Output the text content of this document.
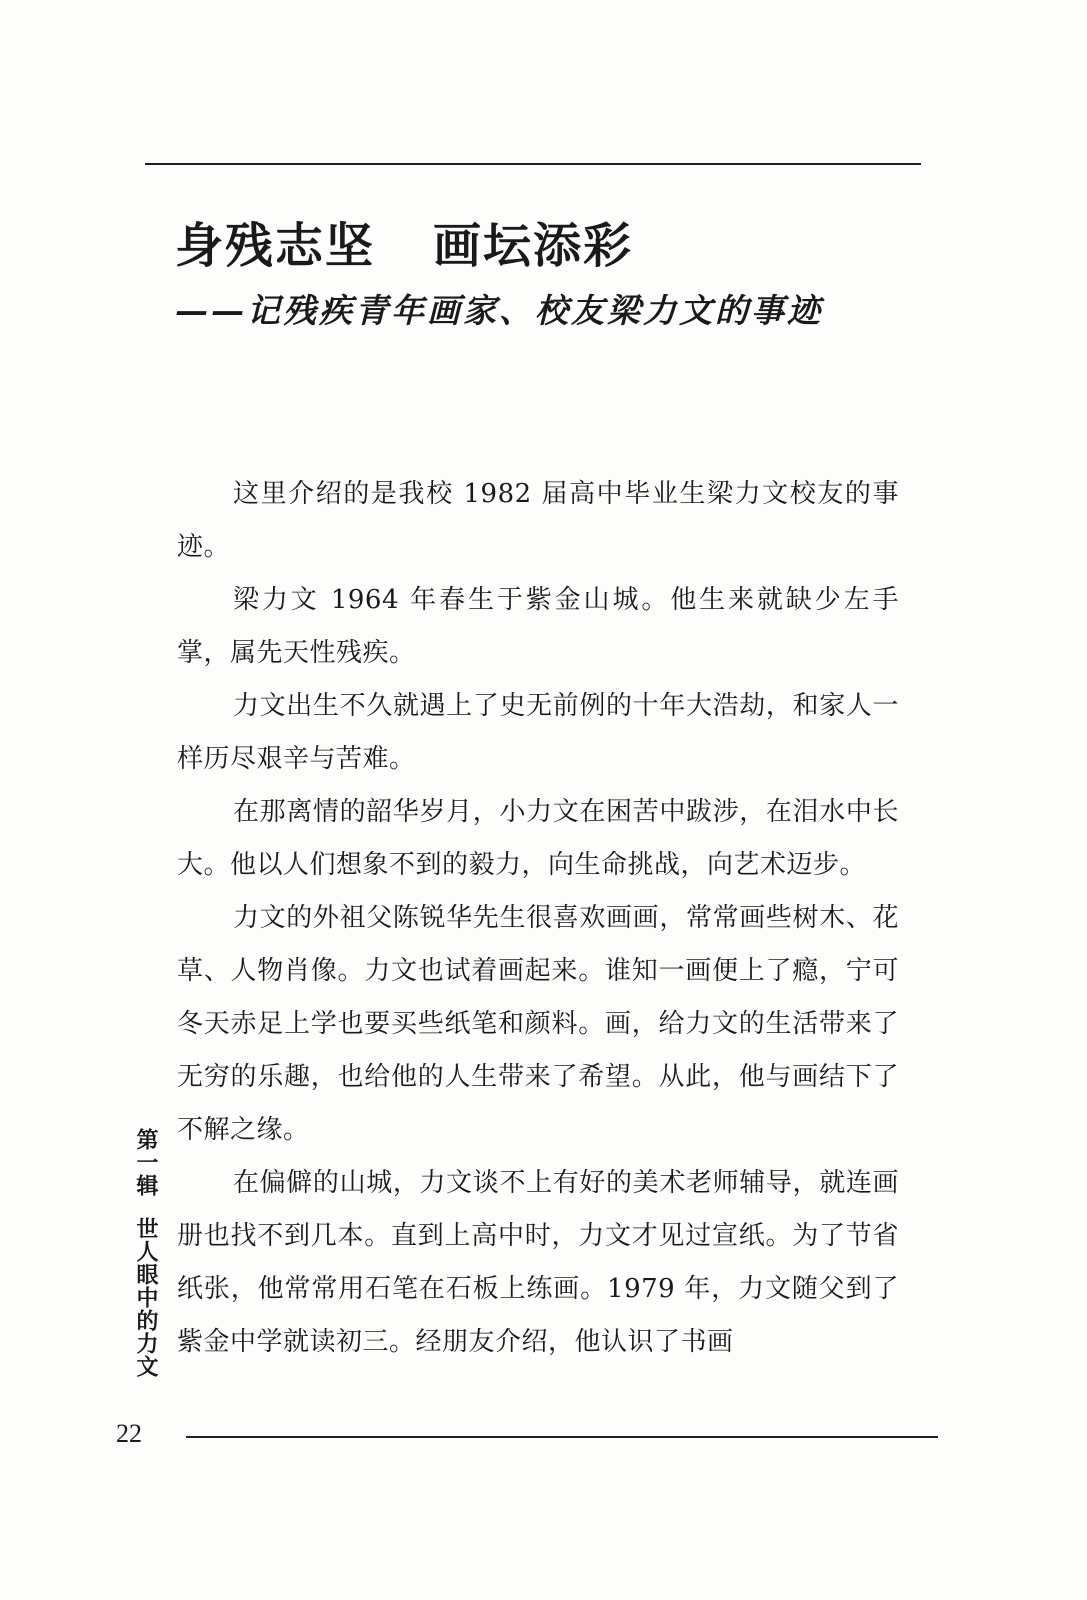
身残志坚 画坛添彩
——记残疾青年画家、校友梁力文的事迹

这里介绍的是我校 1982 届高中毕业生梁力文校友的事迹。

梁力文 1964 年春生于紫金山城。他生来就缺少左手掌，属先天性残疾。

力文出生不久就遇上了史无前例的十年大浩劫，和家人一样历尽艰辛与苦难。

在那离情的韶华岁月，小力文在困苦中跋涉，在泪水中长大。他以人们想象不到的毅力，向生命挑战，向艺术迈步。

力文的外祖父陈锐华先生很喜欢画画，常常画些树木、花草、人物肖像。力文也试着画起来。谁知一画便上了瘾，宁可冬天赤足上学也要买些纸笔和颜料。画，给力文的生活带来了无穷的乐趣，也给他的人生带来了希望。从此，他与画结下了不解之缘。

在偏僻的山城，力文谈不上有好的美术老师辅导，就连画册也找不到几本。直到上高中时，力文才见过宣纸。为了节省纸张，他常常用石笔在石板上练画。1979 年，力文随父到了紫金中学就读初三。经朋友介绍，他认识了书画

第一辑世人眼中的力文
22
